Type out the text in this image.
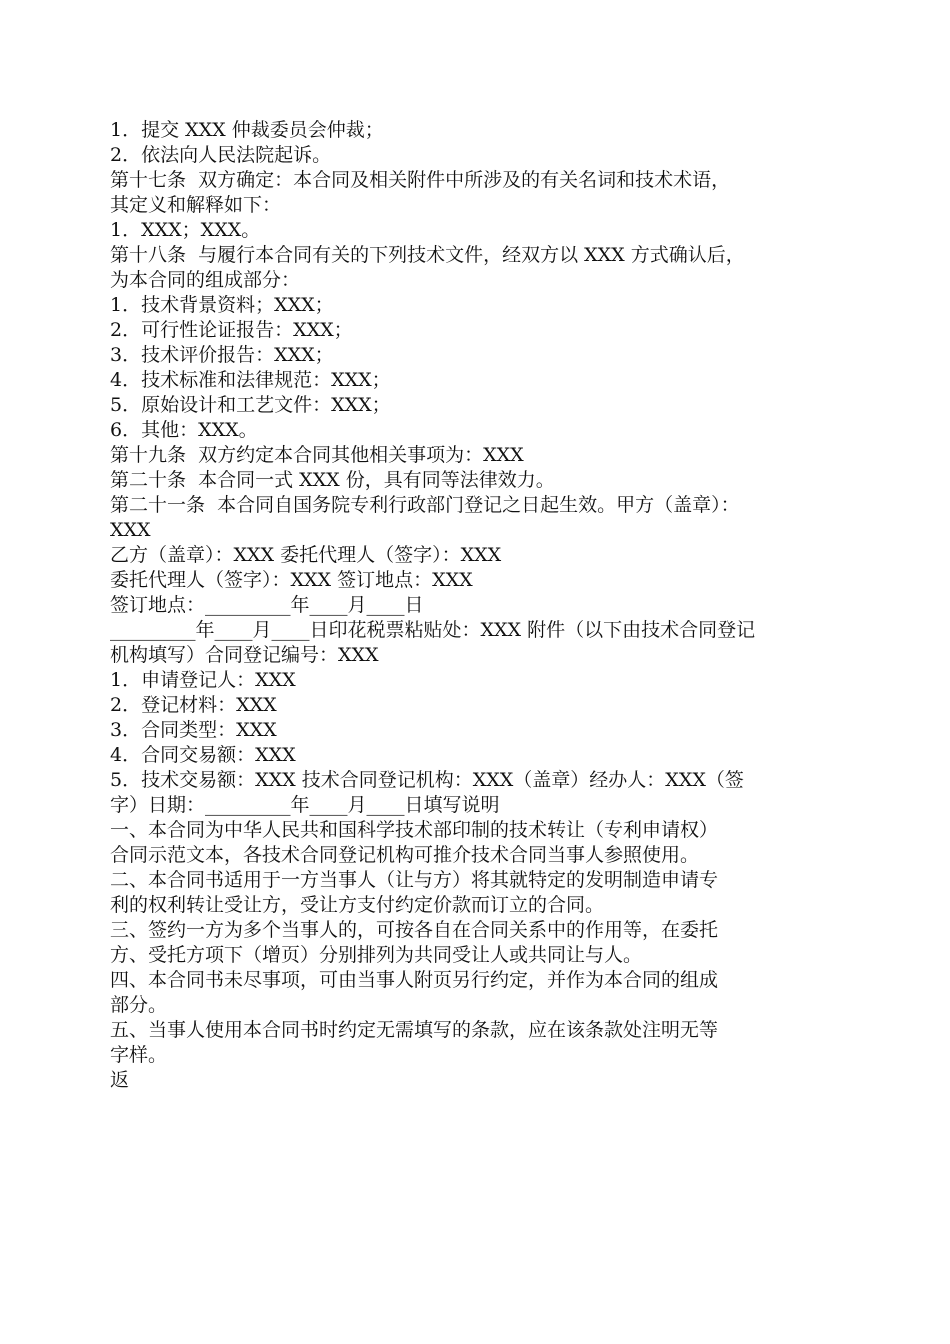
1．提交 XXX 仲裁委员会仲裁；
2．依法向人民法院起诉。
第十七条  双方确定：本合同及相关附件中所涉及的有关名词和技术术语，
其定义和解释如下：
1．XXX；XXX。
第十八条  与履行本合同有关的下列技术文件，经双方以 XXX 方式确认后，
为本合同的组成部分：
1．技术背景资料；XXX；
2．可行性论证报告：XXX；
3．技术评价报告：XXX；
4．技术标准和法律规范：XXX；
5．原始设计和工艺文件：XXX；
6．其他：XXX。
第十九条  双方约定本合同其他相关事项为：XXX
第二十条  本合同一式 XXX 份，具有同等法律效力。
第二十一条  本合同自国务院专利行政部门登记之日起生效。甲方（盖章）：
XXX
乙方（盖章）：XXX 委托代理人（签字）：XXX
委托代理人（签字）：XXX 签订地点：XXX
签订地点：_________年____月____日
_________年____月____日印花税票粘贴处：XXX 附件（以下由技术合同登记
机构填写）合同登记编号：XXX
1．申请登记人：XXX
2．登记材料：XXX
3．合同类型：XXX
4．合同交易额：XXX
5．技术交易额：XXX 技术合同登记机构：XXX（盖章）经办人：XXX（签
字）日期：_________年____月____日填写说明
一、本合同为中华人民共和国科学技术部印制的技术转让（专利申请权）
合同示范文本，各技术合同登记机构可推介技术合同当事人参照使用。
二、本合同书适用于一方当事人（让与方）将其就特定的发明制造申请专
利的权利转让受让方，受让方支付约定价款而订立的合同。
三、签约一方为多个当事人的，可按各自在合同关系中的作用等，在委托
方、受托方项下（增页）分别排列为共同受让人或共同让与人。
四、本合同书未尽事项，可由当事人附页另行约定，并作为本合同的组成
部分。
五、当事人使用本合同书时约定无需填写的条款，应在该条款处注明无等
字样。
返
